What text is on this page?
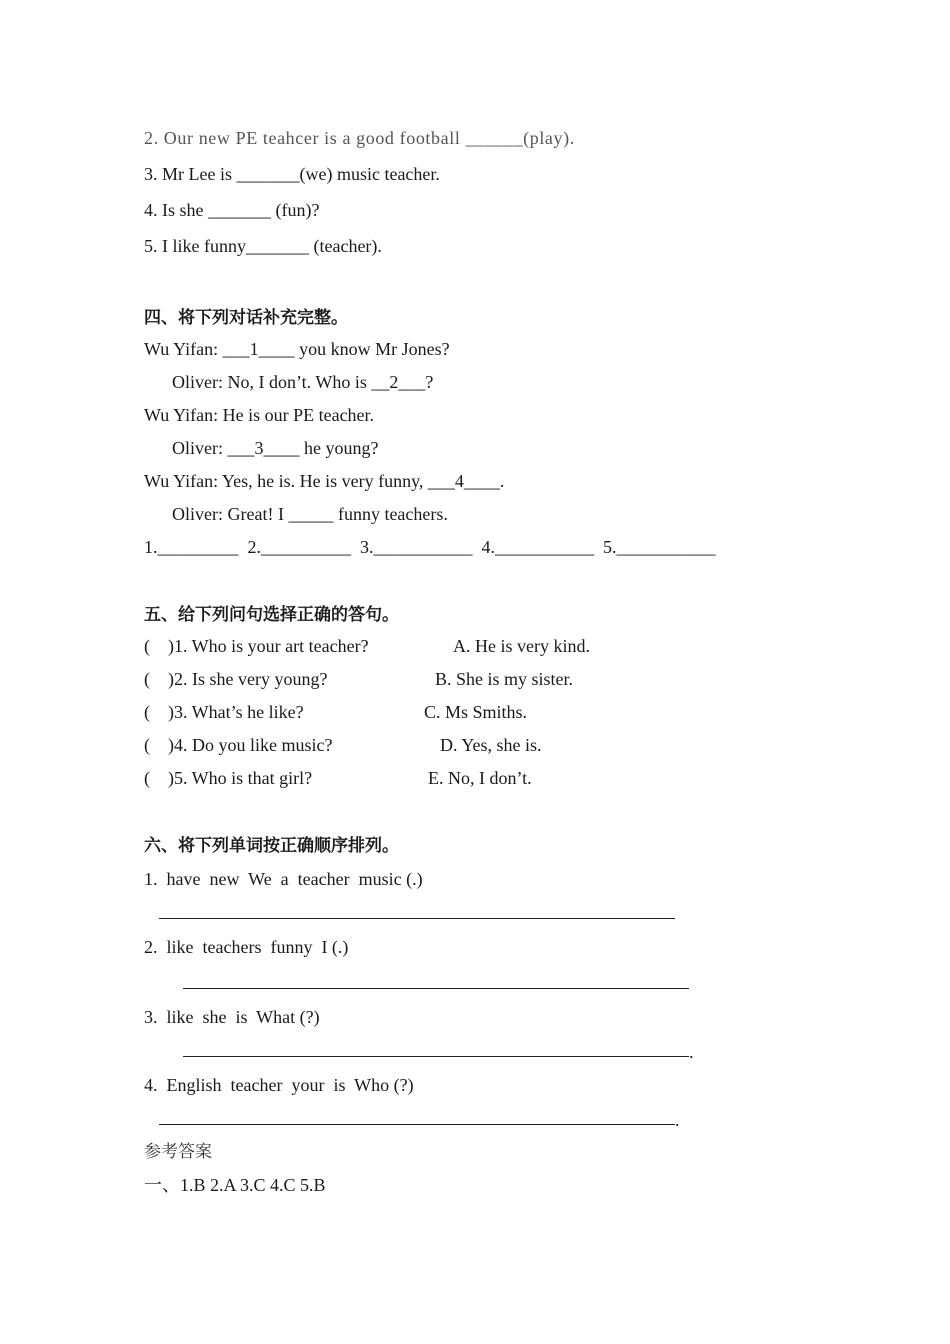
2. Our new PE teahcer is a good football ______(play).
3. Mr Lee is _______(we) music teacher.
4. Is she _______ (fun)?
5. I like funny_______ (teacher).
四、将下列对话补充完整。
Wu Yifan: ___1____ you know Mr Jones?
Oliver: No, I don’t. Who is __2___?
Wu Yifan: He is our PE teacher.
Oliver: ___3____ he young?
Wu Yifan: Yes, he is. He is very funny, ___4____.
Oliver: Great! I _____ funny teachers.
1._________  2.__________  3.___________  4.___________  5.___________
五、给下列问句选择正确的答句。
(    )1. Who is your art teacher?
(    )2. Is she very young?
(    )3. What’s he like?
(    )4. Do you like music?
(    )5. Who is that girl?
A. He is very kind.
B. She is my sister.
C. Ms Smiths.
D. Yes, she is.
E. No, I don’t.
六、将下列单词按正确顺序排列。
1.  have  new  We  a  teacher  music (.)
2.  like  teachers  funny  I (.)
3.  like  she  is  What (?)
.
4.  English  teacher  your  is  Who (?)
.
参考答案
一、1.B 2.A 3.C 4.C 5.B
